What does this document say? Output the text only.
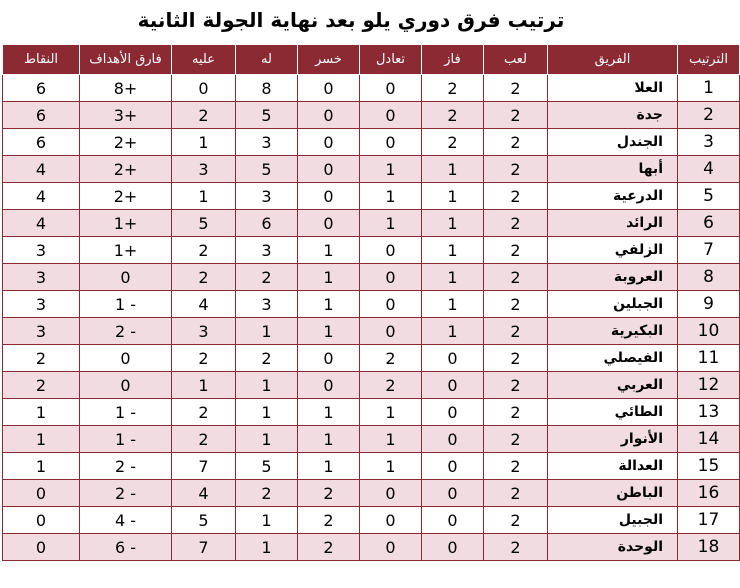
ترتيب فرق دوري يلو بعد نهاية الجولة الثانية
الترتيب	الفريق	لعب	فاز	تعادل	خسر	له	عليه	فارق الأهداف	النقاط
1	العلا	2	2	0	0	8	0	8+	6
2	جدة	2	2	0	0	5	2	3+	6
3	الجندل	2	2	0	0	3	1	2+	6
4	أبها	2	1	1	0	5	3	2+	4
5	الدرعية	2	1	1	0	3	1	2+	4
6	الرائد	2	1	1	0	6	5	1+	4
7	الزلفي	2	1	0	1	3	2	1+	3
8	العروبة	2	1	0	1	2	2	0	3
9	الجبلين	2	1	0	1	3	4	1 -	3
10	البكيرية	2	1	0	1	1	3	2 -	3
11	الفيصلي	2	0	2	0	2	2	0	2
12	العربي	2	0	2	0	1	1	0	2
13	الطائي	2	0	1	1	1	2	1 -	1
14	الأنوار	2	0	1	1	1	2	1 -	1
15	العدالة	2	0	1	1	5	7	2 -	1
16	الباطن	2	0	0	2	2	4	2 -	0
17	الجبيل	2	0	0	2	1	5	4 -	0
18	الوحدة	2	0	0	2	1	7	6 -	0
